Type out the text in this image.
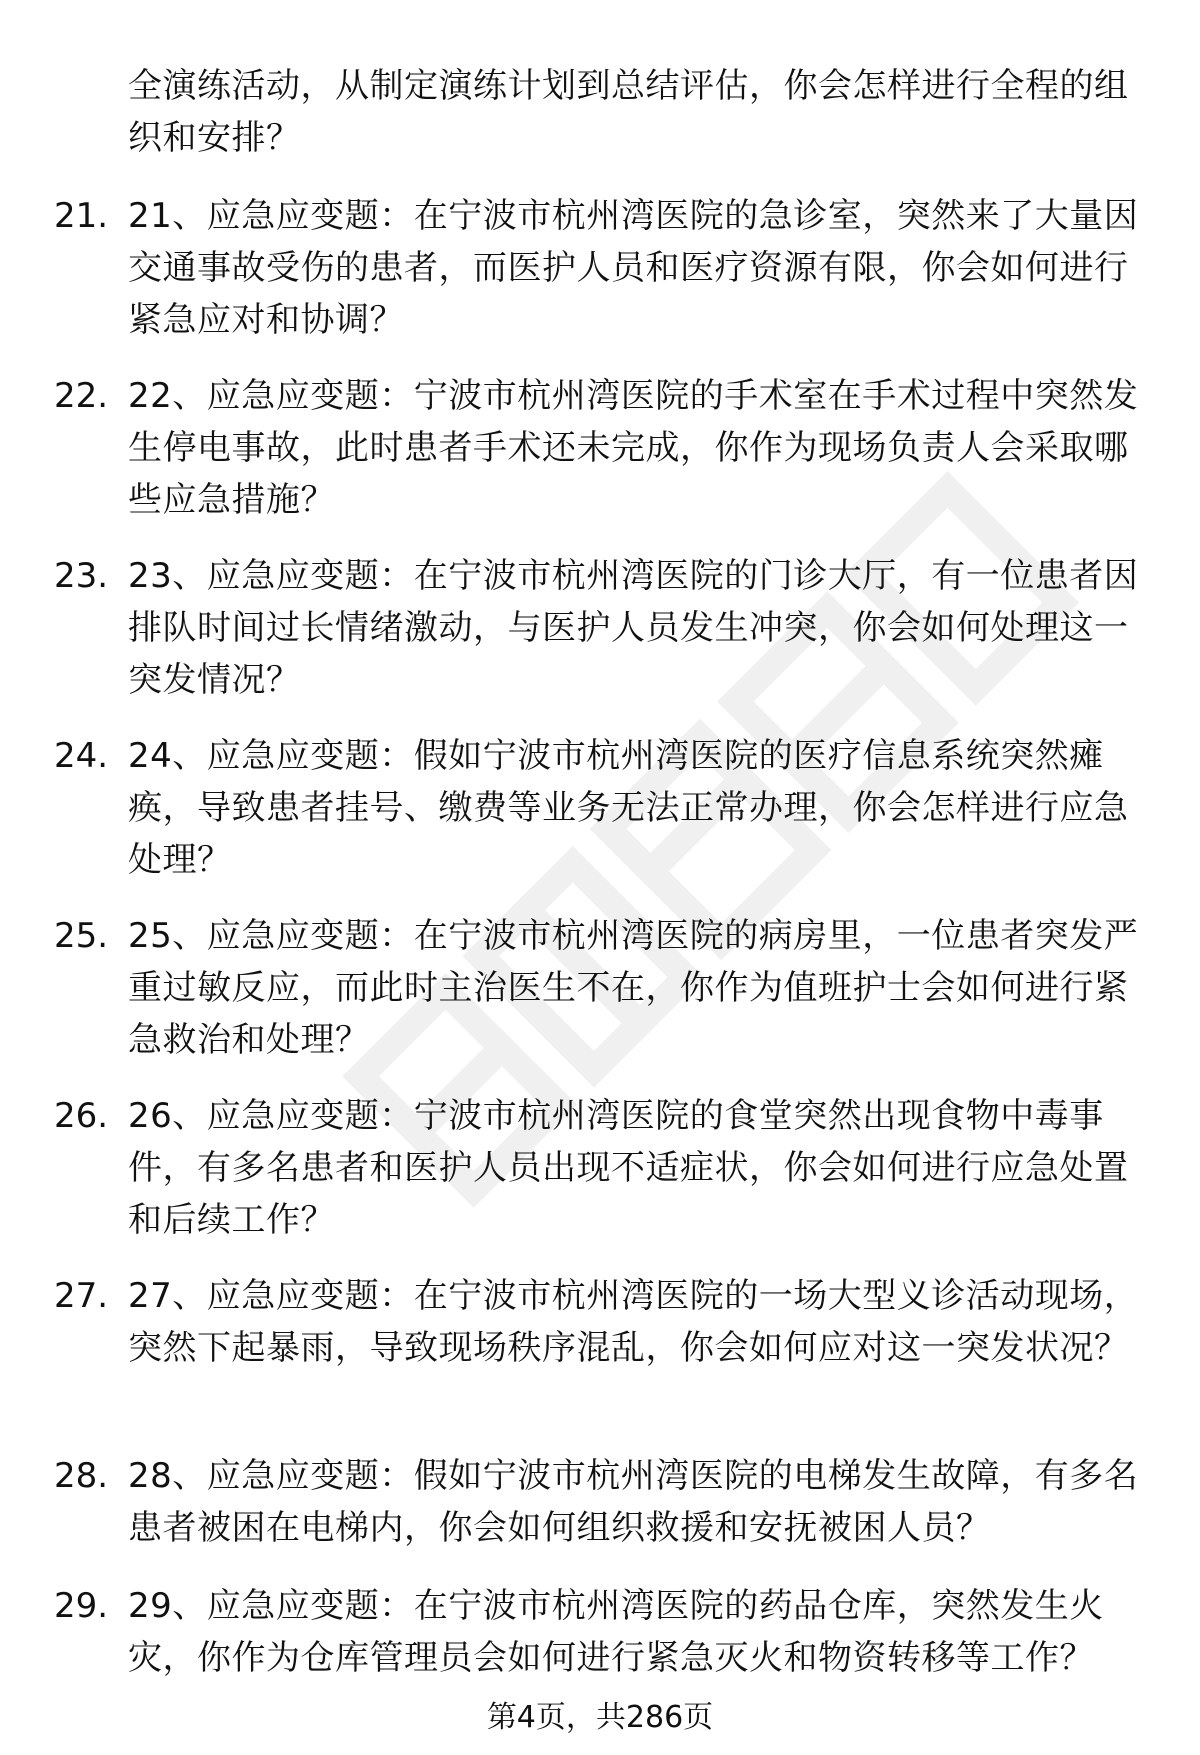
全演练活动，从制定演练计划到总结评估，你会怎样进行全程的组织和安排？
21. 21、应急应变题：在宁波市杭州湾医院的急诊室，突然来了大量因交通事故受伤的患者，而医护人员和医疗资源有限，你会如何进行紧急应对和协调？
22. 22、应急应变题：宁波市杭州湾医院的手术室在手术过程中突然发生停电事故，此时患者手术还未完成，你作为现场负责人会采取哪些应急措施？
23. 23、应急应变题：在宁波市杭州湾医院的门诊大厅，有一位患者因排队时间过长情绪激动，与医护人员发生冲突，你会如何处理这一突发情况？
24. 24、应急应变题：假如宁波市杭州湾医院的医疗信息系统突然瘫痪，导致患者挂号、缴费等业务无法正常办理，你会怎样进行应急处理？
25. 25、应急应变题：在宁波市杭州湾医院的病房里，一位患者突发严重过敏反应，而此时主治医生不在，你作为值班护士会如何进行紧急救治和处理？
26. 26、应急应变题：宁波市杭州湾医院的食堂突然出现食物中毒事件，有多名患者和医护人员出现不适症状，你会如何进行应急处置和后续工作？
27. 27、应急应变题：在宁波市杭州湾医院的一场大型义诊活动现场，突然下起暴雨，导致现场秩序混乱，你会如何应对这一突发状况？
28. 28、应急应变题：假如宁波市杭州湾医院的电梯发生故障，有多名患者被困在电梯内，你会如何组织救援和安抚被困人员？
29. 29、应急应变题：在宁波市杭州湾医院的药品仓库，突然发生火灾，你作为仓库管理员会如何进行紧急灭火和物资转移等工作？
第4页，共286页
